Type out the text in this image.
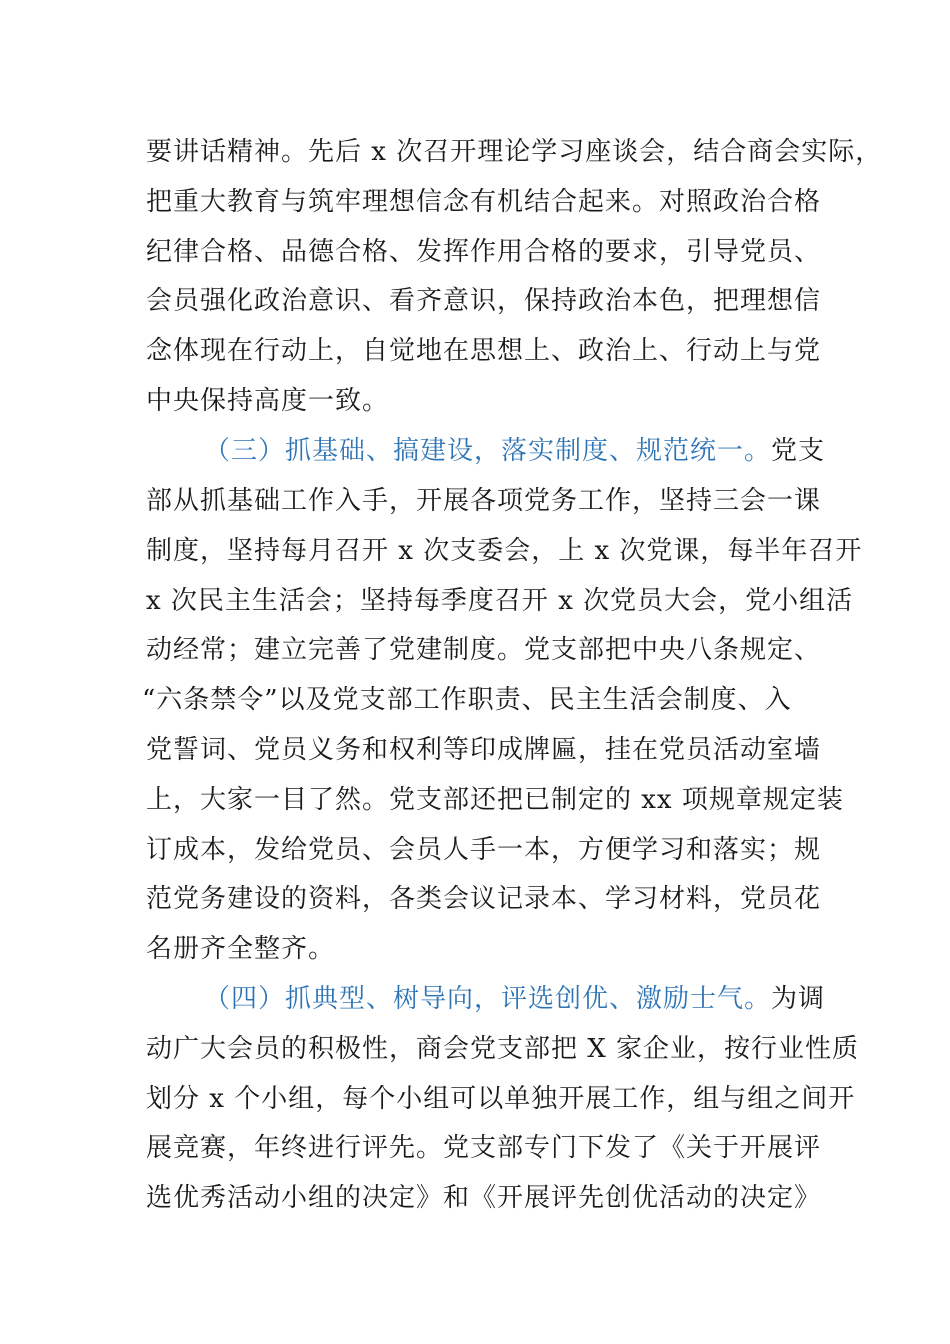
要讲话精神。先后 x 次召开理论学习座谈会，结合商会实际，
把重大教育与筑牢理想信念有机结合起来。对照政治合格
纪律合格、品德合格、发挥作用合格的要求，引导党员、
会员强化政治意识、看齐意识，保持政治本色，把理想信
念体现在行动上，自觉地在思想上、政治上、行动上与党
中央保持高度一致。
（三）抓基础、搞建设，落实制度、规范统一。党支
部从抓基础工作入手，开展各项党务工作，坚持三会一课
制度，坚持每月召开 x 次支委会，上 x 次党课，每半年召开
x 次民主生活会；坚持每季度召开 x 次党员大会，党小组活
动经常；建立完善了党建制度。党支部把中央八条规定、
“六条禁令”以及党支部工作职责、民主生活会制度、入
党誓词、党员义务和权利等印成牌匾，挂在党员活动室墙
上，大家一目了然。党支部还把已制定的 xx 项规章规定装
订成本，发给党员、会员人手一本，方便学习和落实；规
范党务建设的资料，各类会议记录本、学习材料，党员花
名册齐全整齐。
（四）抓典型、树导向，评选创优、激励士气。为调
动广大会员的积极性，商会党支部把 X 家企业，按行业性质
划分 x 个小组，每个小组可以单独开展工作，组与组之间开
展竞赛，年终进行评先。党支部专门下发了《关于开展评
选优秀活动小组的决定》和《开展评先创优活动的决定》
